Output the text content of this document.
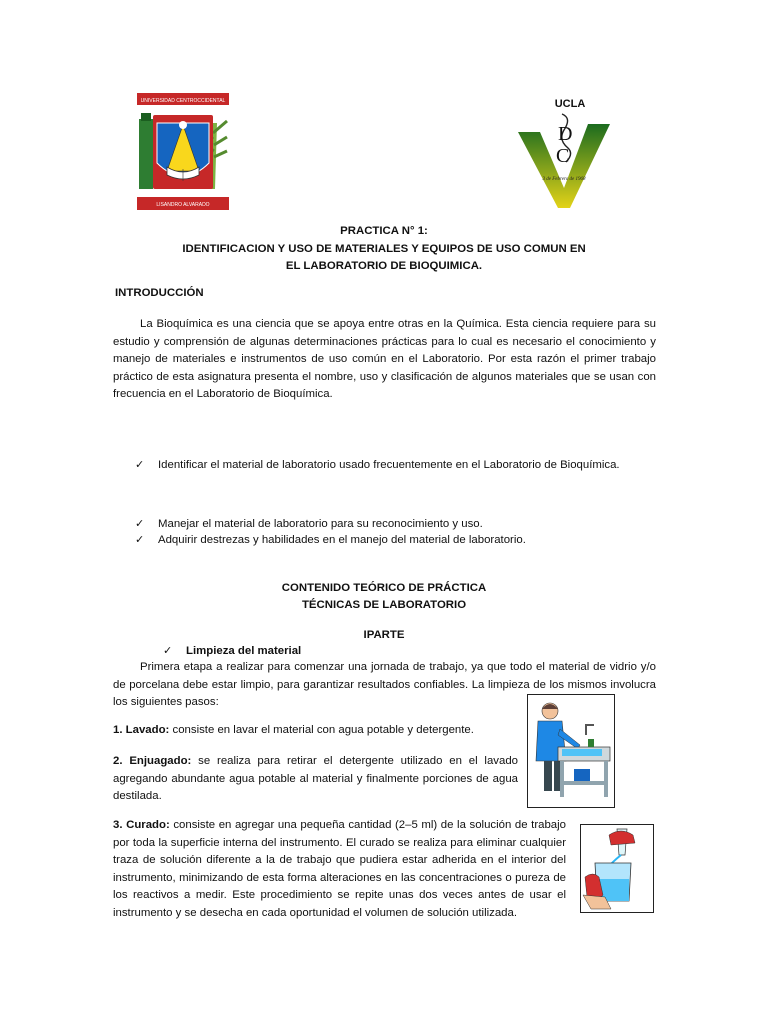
UNIVERSIDAD CENTROCCIDENTAL
LISANDRO ALVARADO
UCLA
D
C
3 de Febrero de 1968
PRACTICA N° 1:
IDENTIFICACION Y USO DE MATERIALES Y EQUIPOS DE USO COMUN EN
EL LABORATORIO DE BIOQUIMICA.
INTRODUCCIÓN
La Bioquímica es una ciencia que se apoya entre otras en la Química. Esta ciencia requiere para su estudio y comprensión de algunas determinaciones prácticas para lo cual es necesario el conocimiento y manejo de materiales e instrumentos de uso común en el Laboratorio. Por esta razón el primer trabajo práctico de esta asignatura presenta el nombre, uso y clasificación de algunos materiales que se usan con frecuencia en el Laboratorio de Bioquímica.
✓ Identificar el material de laboratorio usado frecuentemente en el Laboratorio de Bioquímica.
✓ Manejar el material de laboratorio para su reconocimiento y uso.
✓ Adquirir destrezas y habilidades en el manejo del material de laboratorio.
CONTENIDO TEÓRICO DE PRÁCTICA
TÉCNICAS DE LABORATORIO
IPARTE
✓ Limpieza del material
Primera etapa a realizar para comenzar una jornada de trabajo, ya que todo el material de vidrio y/o de porcelana debe estar limpio, para garantizar resultados confiables. La limpieza de los mismos involucra los siguientes pasos:
1. Lavado: consiste en lavar el material con agua potable y detergente.
2. Enjuagado: se realiza para retirar el detergente utilizado en el lavado agregando abundante agua potable al material y finalmente porciones de agua destilada.
3. Curado: consiste en agregar una pequeña cantidad (2–5 ml) de la solución de trabajo por toda la superficie interna del instrumento. El curado se realiza para eliminar cualquier traza de solución diferente a la de trabajo que pudiera estar adherida en el interior del instrumento, minimizando de esta forma alteraciones en las concentraciones o pureza de los reactivos a medir. Este procedimiento se repite unas dos veces antes de usar el instrumento y se desecha en cada oportunidad el volumen de solución utilizada.
